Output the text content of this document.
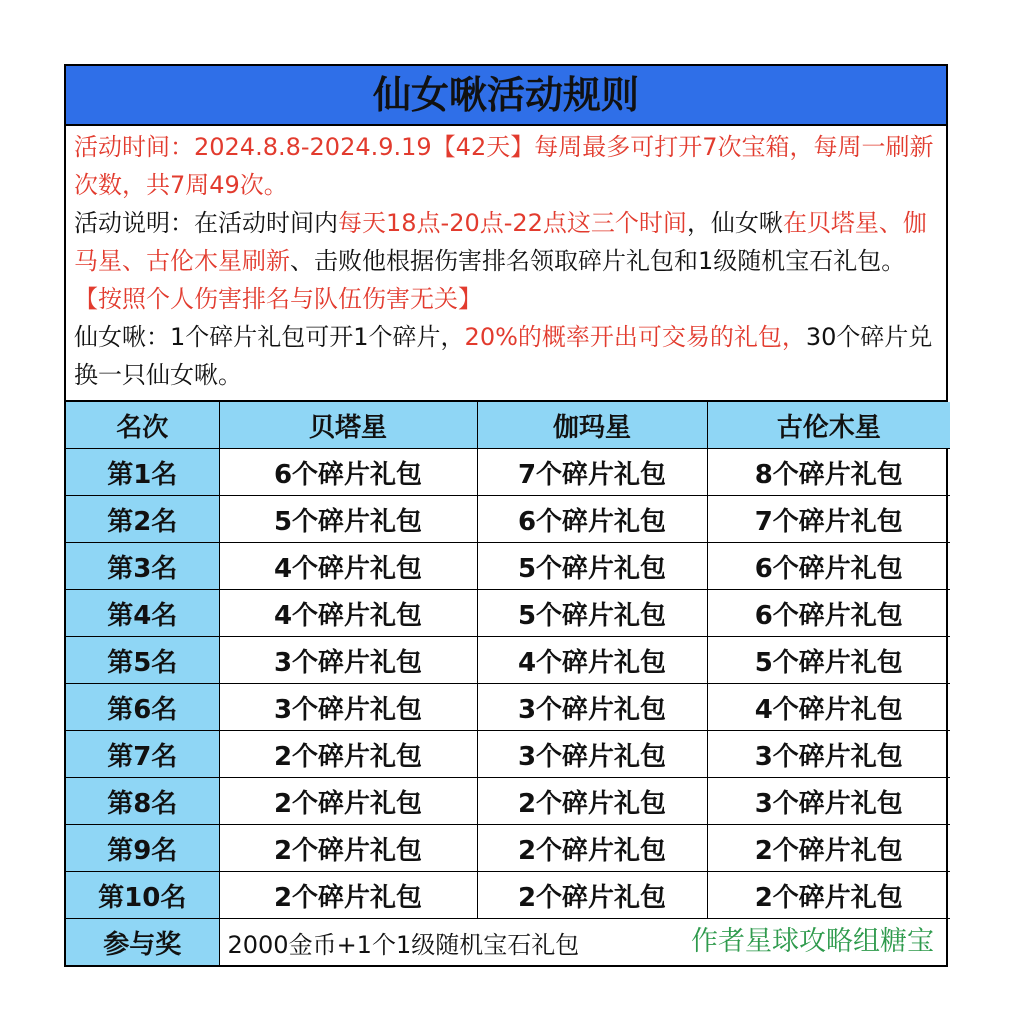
仙女啾活动规则
活动时间：2024.8.8-2024.9.19【42天】每周最多可打开7次宝箱，每周一刷新次数，共7周49次。
活动说明：在活动时间内每天18点-20点-22点这三个时间，仙女啾在贝塔星、伽马星、古伦木星刷新、击败他根据伤害排名领取碎片礼包和1级随机宝石礼包。【按照个人伤害排名与队伍伤害无关】
仙女啾：1个碎片礼包可开1个碎片，20%的概率开出可交易的礼包，30个碎片兑换一只仙女啾。
名次	贝塔星	伽玛星	古伦木星
第1名	6个碎片礼包	7个碎片礼包	8个碎片礼包
第2名	5个碎片礼包	6个碎片礼包	7个碎片礼包
第3名	4个碎片礼包	5个碎片礼包	6个碎片礼包
第4名	4个碎片礼包	5个碎片礼包	6个碎片礼包
第5名	3个碎片礼包	4个碎片礼包	5个碎片礼包
第6名	3个碎片礼包	3个碎片礼包	4个碎片礼包
第7名	2个碎片礼包	3个碎片礼包	3个碎片礼包
第8名	2个碎片礼包	2个碎片礼包	3个碎片礼包
第9名	2个碎片礼包	2个碎片礼包	2个碎片礼包
第10名	2个碎片礼包	2个碎片礼包	2个碎片礼包
参与奖	2000金币+1个1级随机宝石礼包 作者星球攻略组糖宝		
